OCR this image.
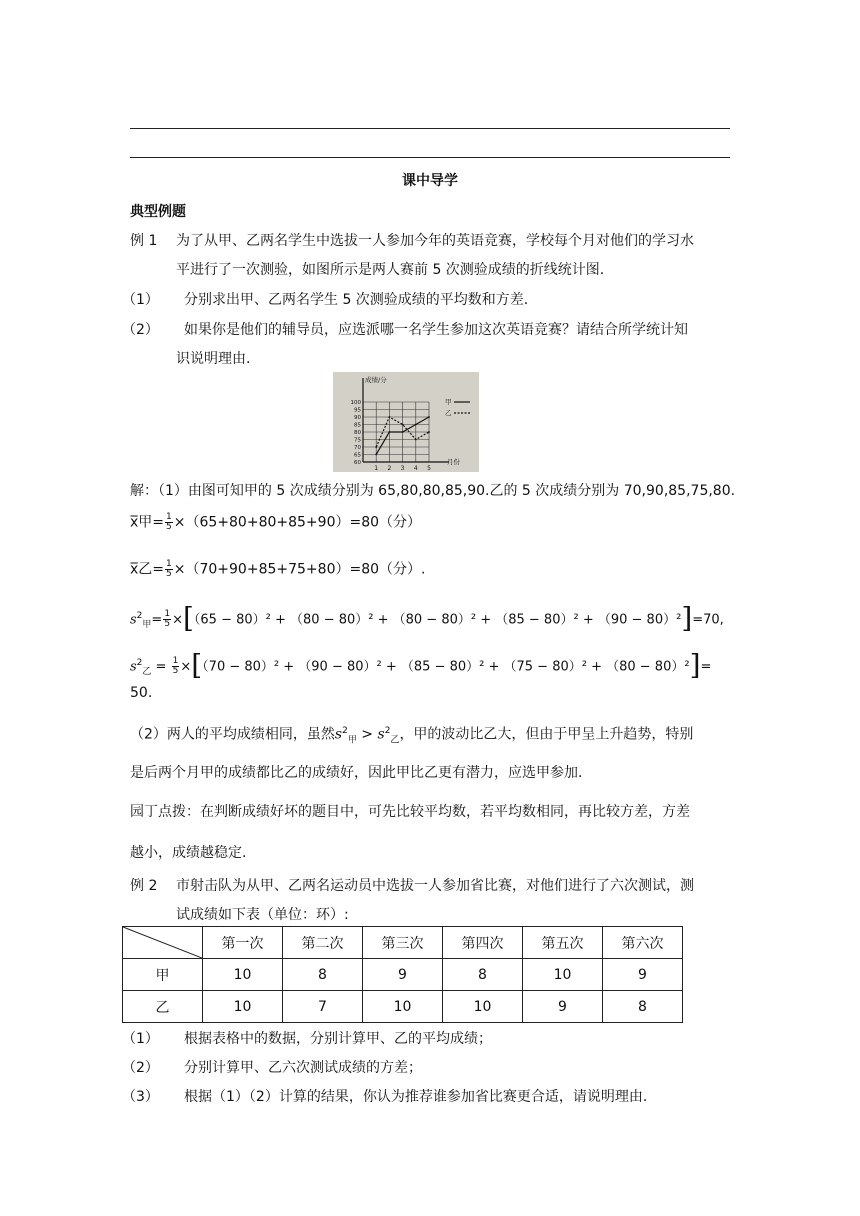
课中导学
典型例题
例 1 为了从甲、乙两名学生中选拔一人参加今年的英语竞赛，学校每个月对他们的学习水
平进行了一次测验，如图所示是两人赛前 5 次测验成绩的折线统计图.
（1） 分别求出甲、乙两名学生 5 次测验成绩的平均数和方差.
（2） 如果你是他们的辅导员，应选派哪一名学生参加这次英语竞赛？请结合所学统计知
识说明理由.
60
65
70
75
80
85
90
95
100
1 2 3 4 5
成绩/分
月份
甲
乙
解：（1）由图可知甲的 5 次成绩分别为 65,80,80,85,90.乙的 5 次成绩分别为 70,90,85,75,80.
x̅甲= $\frac{1}{5} \times(65+80+80+85+90)=80$（分）
x̅乙= $\frac{1}{5} \times(70+90+85+75+80)=80$（分）.
$s^2_甲= \frac{1}{5} \times[(65 - 80)^2 + (80 - 80)^2 + (80 - 80)^2 + (85 - 80)^2 + (90 - 80)^2]=70$,
$s^2_乙 = \frac{1}{5} \times[(70 - 80)^2 + (90 - 80)^2 + (85 - 80)^2 + (75 - 80)^2 + (80 - 80)^2]=$
50.
（2）两人的平均成绩相同，虽然$s^2_甲 > s^2_乙$，甲的波动比乙大，但由于甲呈上升趋势，特别
是后两个月甲的成绩都比乙的成绩好，因此甲比乙更有潜力，应选甲参加.
园丁点拨：在判断成绩好坏的题目中，可先比较平均数，若平均数相同，再比较方差，方差
越小，成绩越稳定.
例 2 市射击队为从甲、乙两名运动员中选拔一人参加省比赛，对他们进行了六次测试，测
试成绩如下表（单位：环）:
	第一次	第二次	第三次	第四次	第五次	第六次
甲	10	8	9	8	10	9
乙	10	7	10	10	9	8
（1） 根据表格中的数据，分别计算甲、乙的平均成绩；
（2） 分别计算甲、乙六次测试成绩的方差；
（3） 根据（1）（2）计算的结果，你认为推荐谁参加省比赛更合适，请说明理由.
